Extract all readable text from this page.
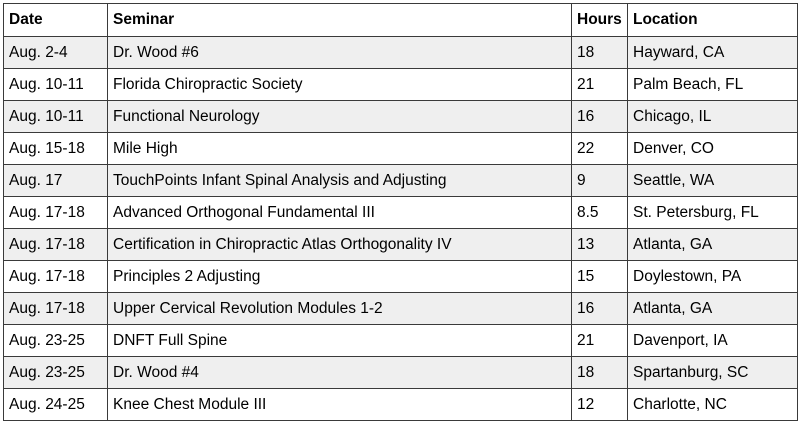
Date	Seminar	Hours	Location
Aug. 2-4	Dr. Wood #6	18	Hayward, CA
Aug. 10-11	Florida Chiropractic Society	21	Palm Beach, FL
Aug. 10-11	Functional Neurology	16	Chicago, IL
Aug. 15-18	Mile High	22	Denver, CO
Aug. 17	TouchPoints Infant Spinal Analysis and Adjusting	9	Seattle, WA
Aug. 17-18	Advanced Orthogonal Fundamental III	8.5	St. Petersburg, FL
Aug. 17-18	Certification in Chiropractic Atlas Orthogonality IV	13	Atlanta, GA
Aug. 17-18	Principles 2 Adjusting	15	Doylestown, PA
Aug. 17-18	Upper Cervical Revolution Modules 1-2	16	Atlanta, GA
Aug. 23-25	DNFT Full Spine	21	Davenport, IA
Aug. 23-25	Dr. Wood #4	18	Spartanburg, SC
Aug. 24-25	Knee Chest Module III	12	Charlotte, NC
